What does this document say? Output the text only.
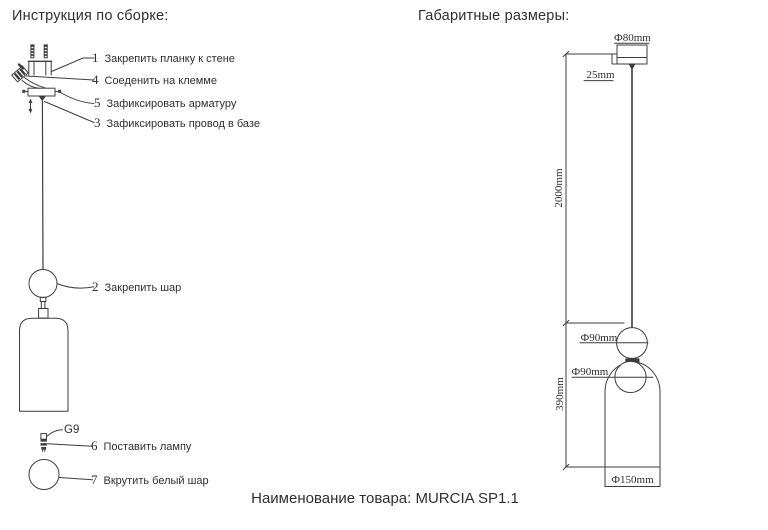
Инструкция по сборке:	Габаритные размеры:
1 Закрепить планку к стене
4 Соеденить на клемме
5 Зафиксировать арматуру
3 Зафиксировать провод в базе
2 Закрепить шар
6 Поставить лампу
7 Вкрутить белый шар
G9
Ф80mm
25mm
2000mm
Ф90mm
Ф90mm
390mm
Ф150mm
Наименование товара: MURCIA SP1.1
